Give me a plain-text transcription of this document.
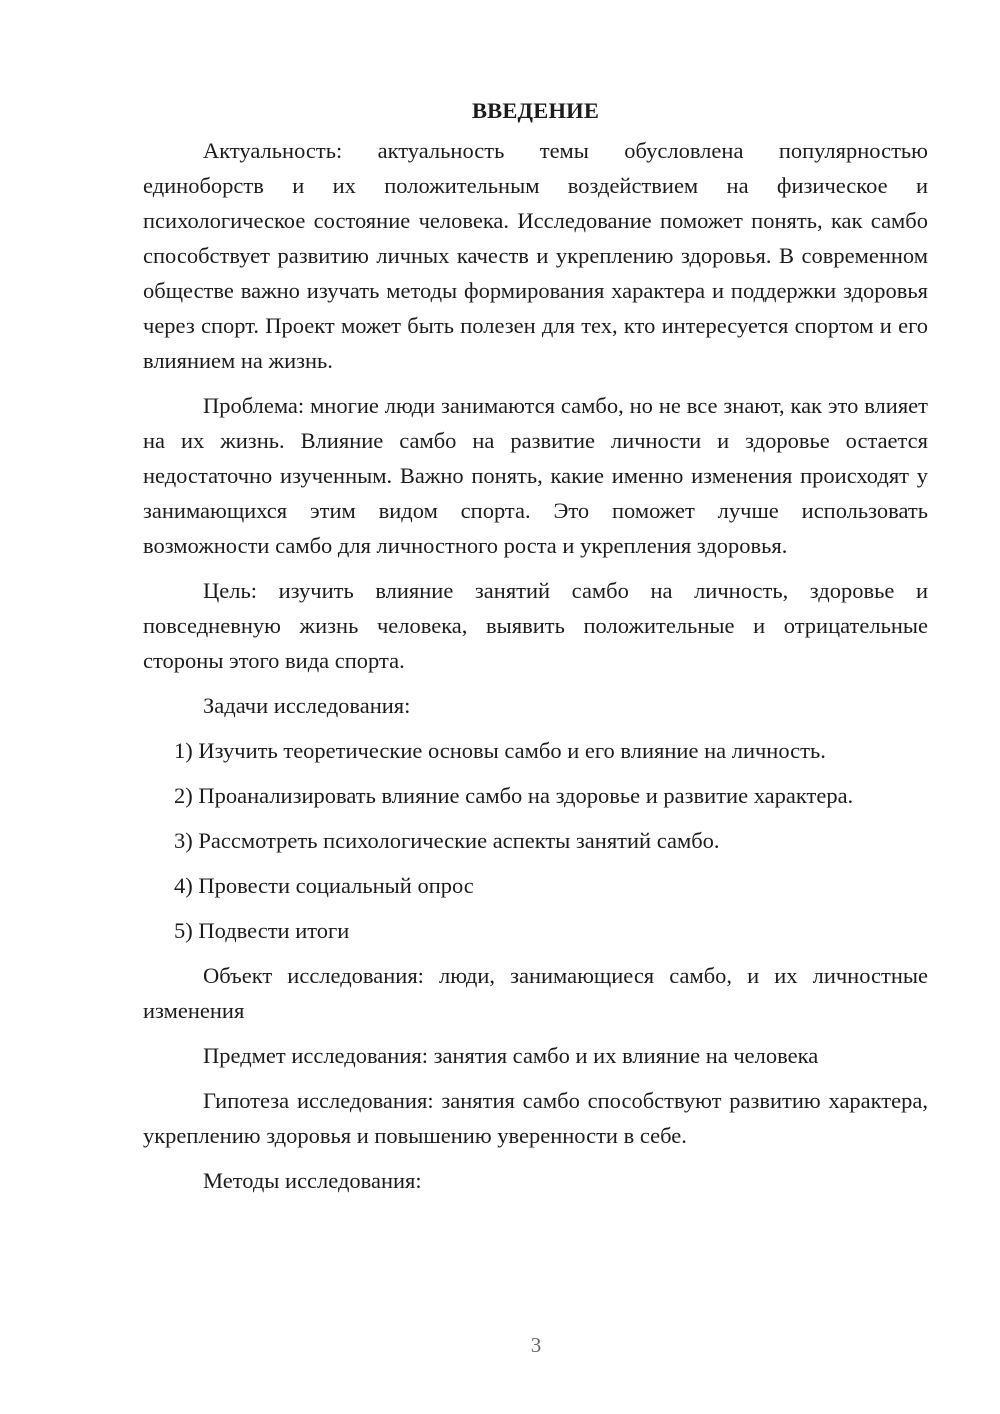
ВВЕДЕНИЕ

Актуальность: актуальность темы обусловлена популярностью единоборств и их положительным воздействием на физическое и психологическое состояние человека. Исследование поможет понять, как самбо способствует развитию личных качеств и укреплению здоровья. В современном обществе важно изучать методы формирования характера и поддержки здоровья через спорт. Проект может быть полезен для тех, кто интересуется спортом и его влиянием на жизнь.

Проблема: многие люди занимаются самбо, но не все знают, как это влияет на их жизнь. Влияние самбо на развитие личности и здоровье остается недостаточно изученным. Важно понять, какие именно изменения происходят у занимающихся этим видом спорта. Это поможет лучше использовать возможности самбо для личностного роста и укрепления здоровья.

Цель: изучить влияние занятий самбо на личность, здоровье и повседневную жизнь человека, выявить положительные и отрицательные стороны этого вида спорта.

Задачи исследования:

1) Изучить теоретические основы самбо и его влияние на личность.

2) Проанализировать влияние самбо на здоровье и развитие характера.

3) Рассмотреть психологические аспекты занятий самбо.

4) Провести социальный опрос

5) Подвести итоги

Объект исследования: люди, занимающиеся самбо, и их личностные изменения

Предмет исследования: занятия самбо и их влияние на человека

Гипотеза исследования: занятия самбо способствуют развитию характера, укреплению здоровья и повышению уверенности в себе.

Методы исследования:

3
